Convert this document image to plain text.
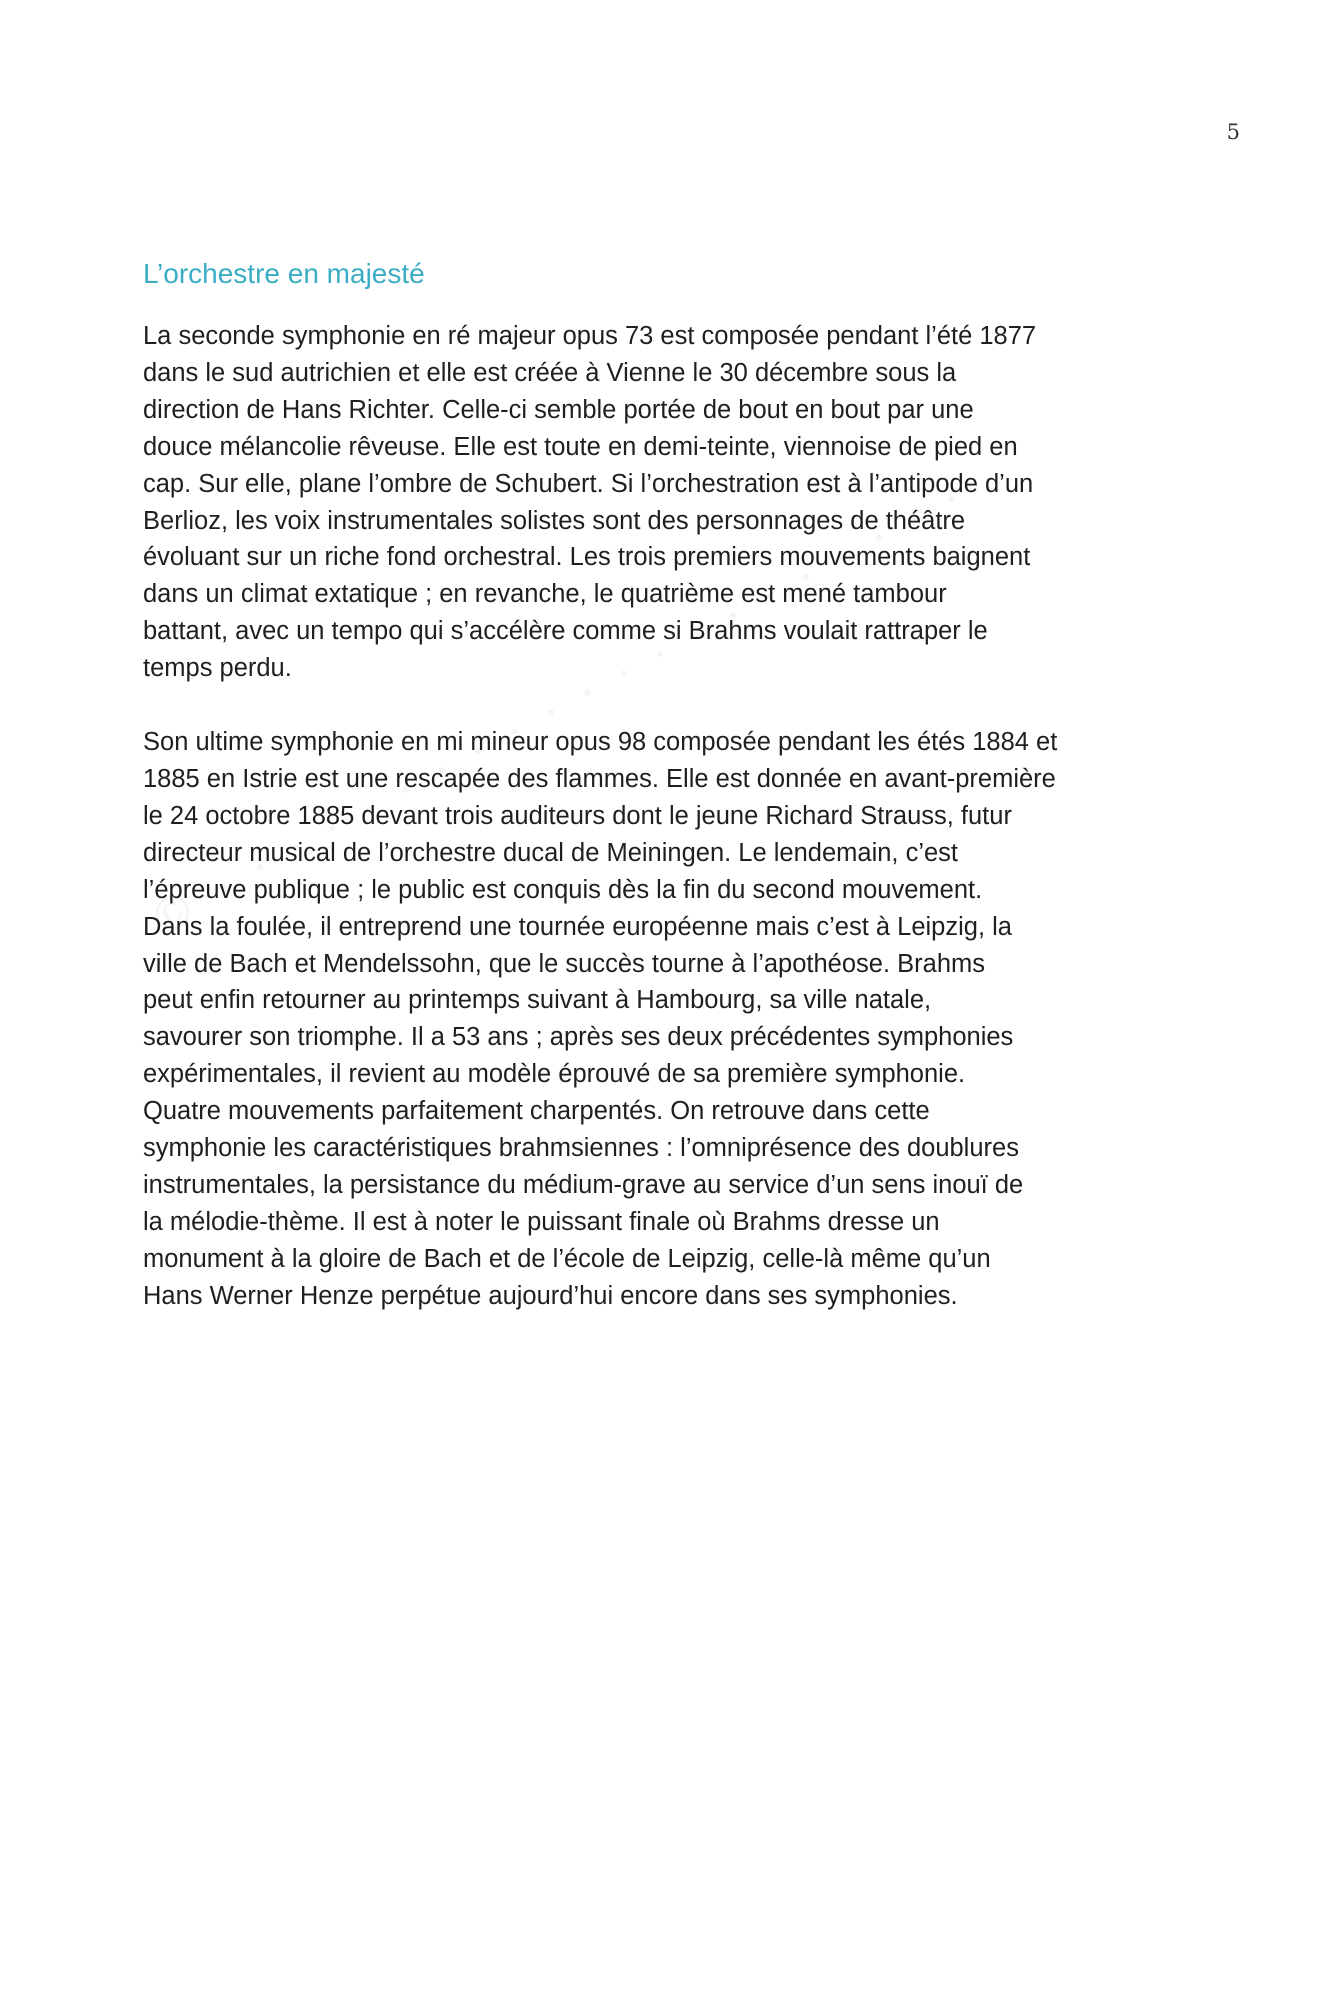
5
L’orchestre en majesté

La seconde symphonie en ré majeur opus 73 est composée pendant l’été 1877
dans le sud autrichien et elle est créée à Vienne le 30 décembre sous la
direction de Hans Richter. Celle-ci semble portée de bout en bout par une
douce mélancolie rêveuse. Elle est toute en demi-teinte, viennoise de pied en
cap. Sur elle, plane l’ombre de Schubert. Si l’orchestration est à l’antipode d’un
Berlioz, les voix instrumentales solistes sont des personnages de théâtre
évoluant sur un riche fond orchestral. Les trois premiers mouvements baignent
dans un climat extatique ; en revanche, le quatrième est mené tambour
battant, avec un tempo qui s’accélère comme si Brahms voulait rattraper le
temps perdu.

Son ultime symphonie en mi mineur opus 98 composée pendant les étés 1884 et
1885 en Istrie est une rescapée des flammes. Elle est donnée en avant-première
le 24 octobre 1885 devant trois auditeurs dont le jeune Richard Strauss, futur
directeur musical de l’orchestre ducal de Meiningen. Le lendemain, c’est
l’épreuve publique ; le public est conquis dès la fin du second mouvement.
Dans la foulée, il entreprend une tournée européenne mais c’est à Leipzig, la
ville de Bach et Mendelssohn, que le succès tourne à l’apothéose. Brahms
peut enfin retourner au printemps suivant à Hambourg, sa ville natale,
savourer son triomphe. Il a 53 ans ; après ses deux précédentes symphonies
expérimentales, il revient au modèle éprouvé de sa première symphonie.
Quatre mouvements parfaitement charpentés. On retrouve dans cette
symphonie les caractéristiques brahmsiennes : l’omniprésence des doublures
instrumentales, la persistance du médium-grave au service d’un sens inouï de
la mélodie-thème. Il est à noter le puissant finale où Brahms dresse un
monument à la gloire de Bach et de l’école de Leipzig, celle-là même qu’un
Hans Werner Henze perpétue aujourd’hui encore dans ses symphonies.
